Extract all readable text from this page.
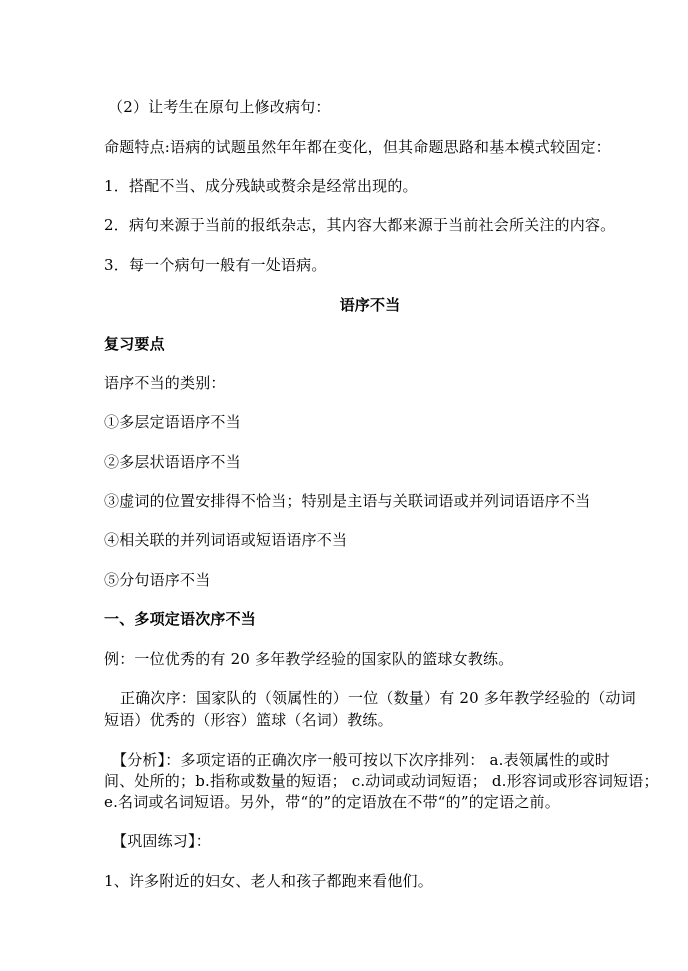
（2）让考生在原句上修改病句：
命题特点:语病的试题虽然年年都在变化，但其命题思路和基本模式较固定：
1．搭配不当、成分残缺或赘余是经常出现的。
2．病句来源于当前的报纸杂志，其内容大都来源于当前社会所关注的内容。
3．每一个病句一般有一处语病。
语序不当
复习要点
语序不当的类别：
①多层定语语序不当
②多层状语语序不当
③虚词的位置安排得不恰当；特别是主语与关联词语或并列词语语序不当
④相关联的并列词语或短语语序不当
⑤分句语序不当
一、多项定语次序不当
例：一位优秀的有 20 多年教学经验的国家队的篮球女教练。
正确次序：国家队的（领属性的）一位（数量）有 20 多年教学经验的（动词
短语）优秀的（形容）篮球（名词）教练。
【分析】：多项定语的正确次序一般可按以下次序排列： a.表领属性的或时
间、处所的；b.指称或数量的短语； c.动词或动词短语； d.形容词或形容词短语；
e.名词或名词短语。另外，带“的”的定语放在不带“的”的定语之前。
【巩固练习】：
1、许多附近的妇女、老人和孩子都跑来看他们。
